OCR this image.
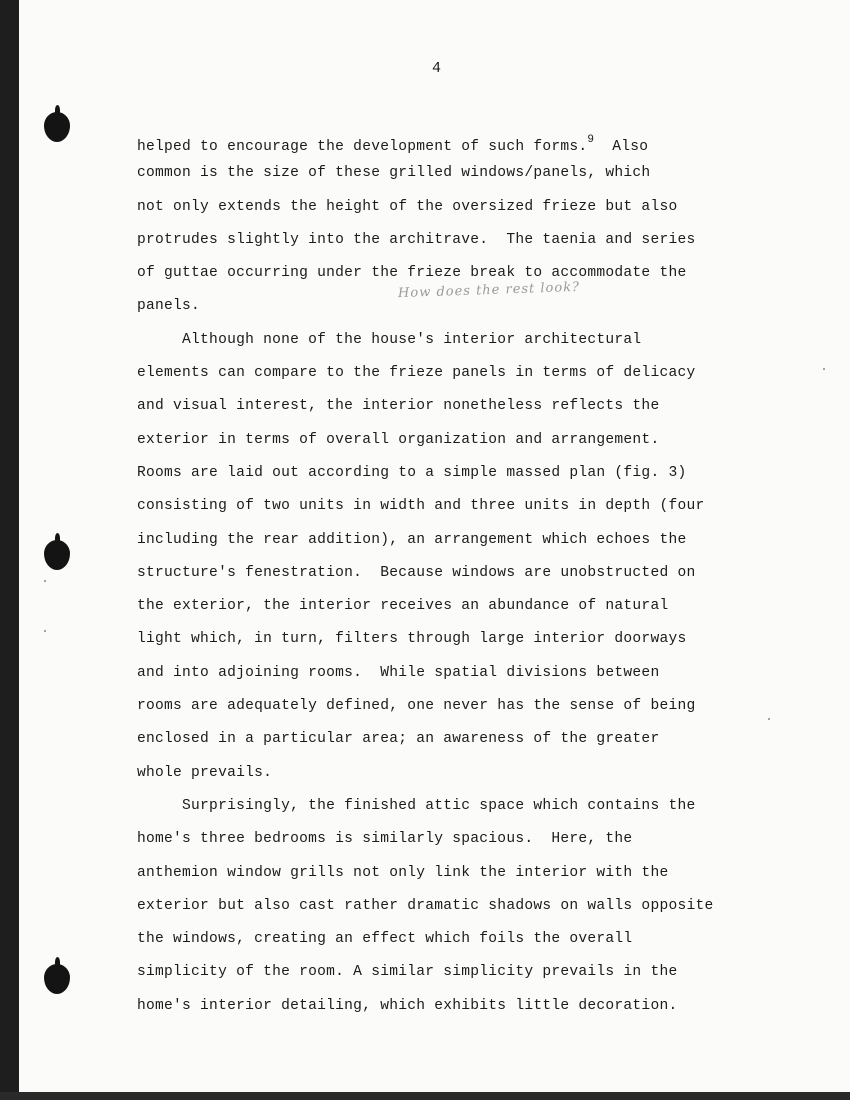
4
How does the rest look?
helped to encourage the development of such forms.$^9$  Also
common is the size of these grilled windows/panels, which
not only extends the height of the oversized frieze but also
protrudes slightly into the architrave.  The taenia and series
of guttae occurring under the frieze break to accommodate the
panels.
Although none of the house's interior architectural
elements can compare to the frieze panels in terms of delicacy
and visual interest, the interior nonetheless reflects the
exterior in terms of overall organization and arrangement.
Rooms are laid out according to a simple massed plan (fig. 3)
consisting of two units in width and three units in depth (four
including the rear addition), an arrangement which echoes the
structure's fenestration.  Because windows are unobstructed on
the exterior, the interior receives an abundance of natural
light which, in turn, filters through large interior doorways
and into adjoining rooms.  While spatial divisions between
rooms are adequately defined, one never has the sense of being
enclosed in a particular area; an awareness of the greater
whole prevails.
Surprisingly, the finished attic space which contains the
home's three bedrooms is similarly spacious.  Here, the
anthemion window grills not only link the interior with the
exterior but also cast rather dramatic shadows on walls opposite
the windows, creating an effect which foils the overall
simplicity of the room. A similar simplicity prevails in the
home's interior detailing, which exhibits little decoration.
